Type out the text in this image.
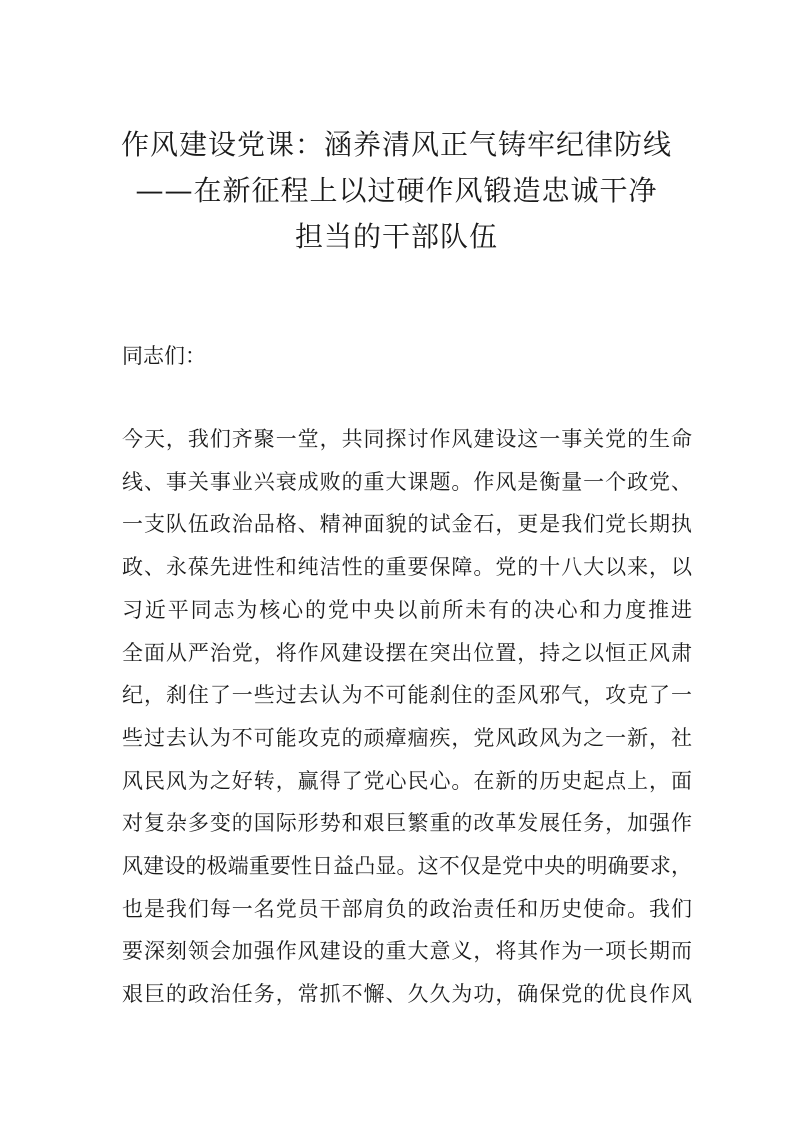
作风建设党课：涵养清风正气铸牢纪律防线
——在新征程上以过硬作风锻造忠诚干净
担当的干部队伍
同志们：
今天，我们齐聚一堂，共同探讨作风建设这一事关党的生命
线、事关事业兴衰成败的重大课题。作风是衡量一个政党、
一支队伍政治品格、精神面貌的试金石，更是我们党长期执
政、永葆先进性和纯洁性的重要保障。党的十八大以来，以
习近平同志为核心的党中央以前所未有的决心和力度推进
全面从严治党，将作风建设摆在突出位置，持之以恒正风肃
纪，刹住了一些过去认为不可能刹住的歪风邪气，攻克了一
些过去认为不可能攻克的顽瘴痼疾，党风政风为之一新，社
风民风为之好转，赢得了党心民心。在新的历史起点上，面
对复杂多变的国际形势和艰巨繁重的改革发展任务，加强作
风建设的极端重要性日益凸显。这不仅是党中央的明确要求，
也是我们每一名党员干部肩负的政治责任和历史使命。我们
要深刻领会加强作风建设的重大意义，将其作为一项长期而
艰巨的政治任务，常抓不懈、久久为功，确保党的优良作风
